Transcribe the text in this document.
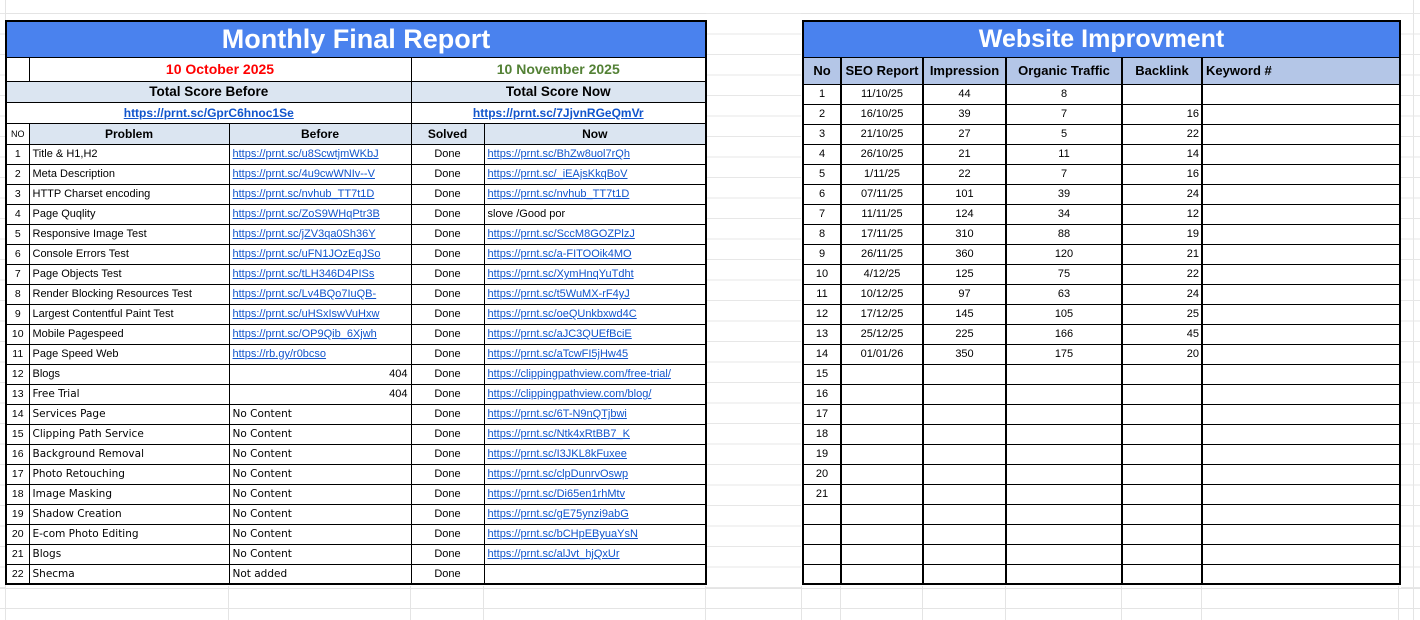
Monthly Final Report				
	10 October 2025		10 November 2025	
Total Score Before			Total Score Now	
https://prnt.sc/GprC6hnoc1Se			https://prnt.sc/7JjvnRGeQmVr	
NO	Problem	Before	Solved	Now
1	Title & H1,H2	https://prnt.sc/u8ScwtjmWKbJ	Done	https://prnt.sc/BhZw8uol7rQh
2	Meta Description	https://prnt.sc/4u9cwWNIv--V	Done	https://prnt.sc/_iEAjsKkqBoV
3	HTTP Charset encoding	https://prnt.sc/nvhub_TT7t1D	Done	https://prnt.sc/nvhub_TT7t1D
4	Page Quqlity	https://prnt.sc/ZoS9WHqPtr3B	Done	slove /Good por
5	Responsive Image Test	https://prnt.sc/jZV3qa0Sh36Y	Done	https://prnt.sc/SccM8GOZPlzJ
6	Console Errors Test	https://prnt.sc/uFN1JOzEqJSo	Done	https://prnt.sc/a-FITOOik4MO
7	Page Objects Test	https://prnt.sc/tLH346D4PISs	Done	https://prnt.sc/XymHnqYuTdht
8	Render Blocking Resources Test	https://prnt.sc/Lv4BQo7IuQB-	Done	https://prnt.sc/t5WuMX-rF4yJ
9	Largest Contentful Paint Test	https://prnt.sc/uHSxIswVuHxw	Done	https://prnt.sc/oeQUnkbxwd4C
10	Mobile Pagespeed	https://prnt.sc/OP9Qib_6Xjwh	Done	https://prnt.sc/aJC3QUEfBciE
11	Page Speed Web	https://rb.gy/r0bcso	Done	https://prnt.sc/aTcwFI5jHw45
12	Blogs	404	Done	https://clippingpathview.com/free-trial/
13	Free Trial	404	Done	https://clippingpathview.com/blog/
14	Services Page	No Content	Done	https://prnt.sc/6T-N9nQTjbwi
15	Clipping Path Service	No Content	Done	https://prnt.sc/Ntk4xRtBB7_K
16	Background Removal	No Content	Done	https://prnt.sc/I3JKL8kFuxee
17	Photo Retouching	No Content	Done	https://prnt.sc/clpDunrvOswp
18	Image Masking	No Content	Done	https://prnt.sc/Di65en1rhMtv
19	Shadow Creation	No Content	Done	https://prnt.sc/gE75ynzi9abG
20	E-com Photo Editing	No Content	Done	https://prnt.sc/bCHpEByuaYsN
21	Blogs	No Content	Done	https://prnt.sc/alJvt_hjQxUr
22	Shecma	Not added	Done	
Website Improvment					
No	SEO Report	Impression	Organic Traffic	Backlink	Keyword #
1	11/10/25	44	8		
2	16/10/25	39	7	16	
3	21/10/25	27	5	22	
4	26/10/25	21	11	14	
5	1/11/25	22	7	16	
6	07/11/25	101	39	24	
7	11/11/25	124	34	12	
8	17/11/25	310	88	19	
9	26/11/25	360	120	21	
10	4/12/25	125	75	22	
11	10/12/25	97	63	24	
12	17/12/25	145	105	25	
13	25/12/25	225	166	45	
14	01/01/26	350	175	20	
15					
16					
17					
18					
19					
20					
21					
